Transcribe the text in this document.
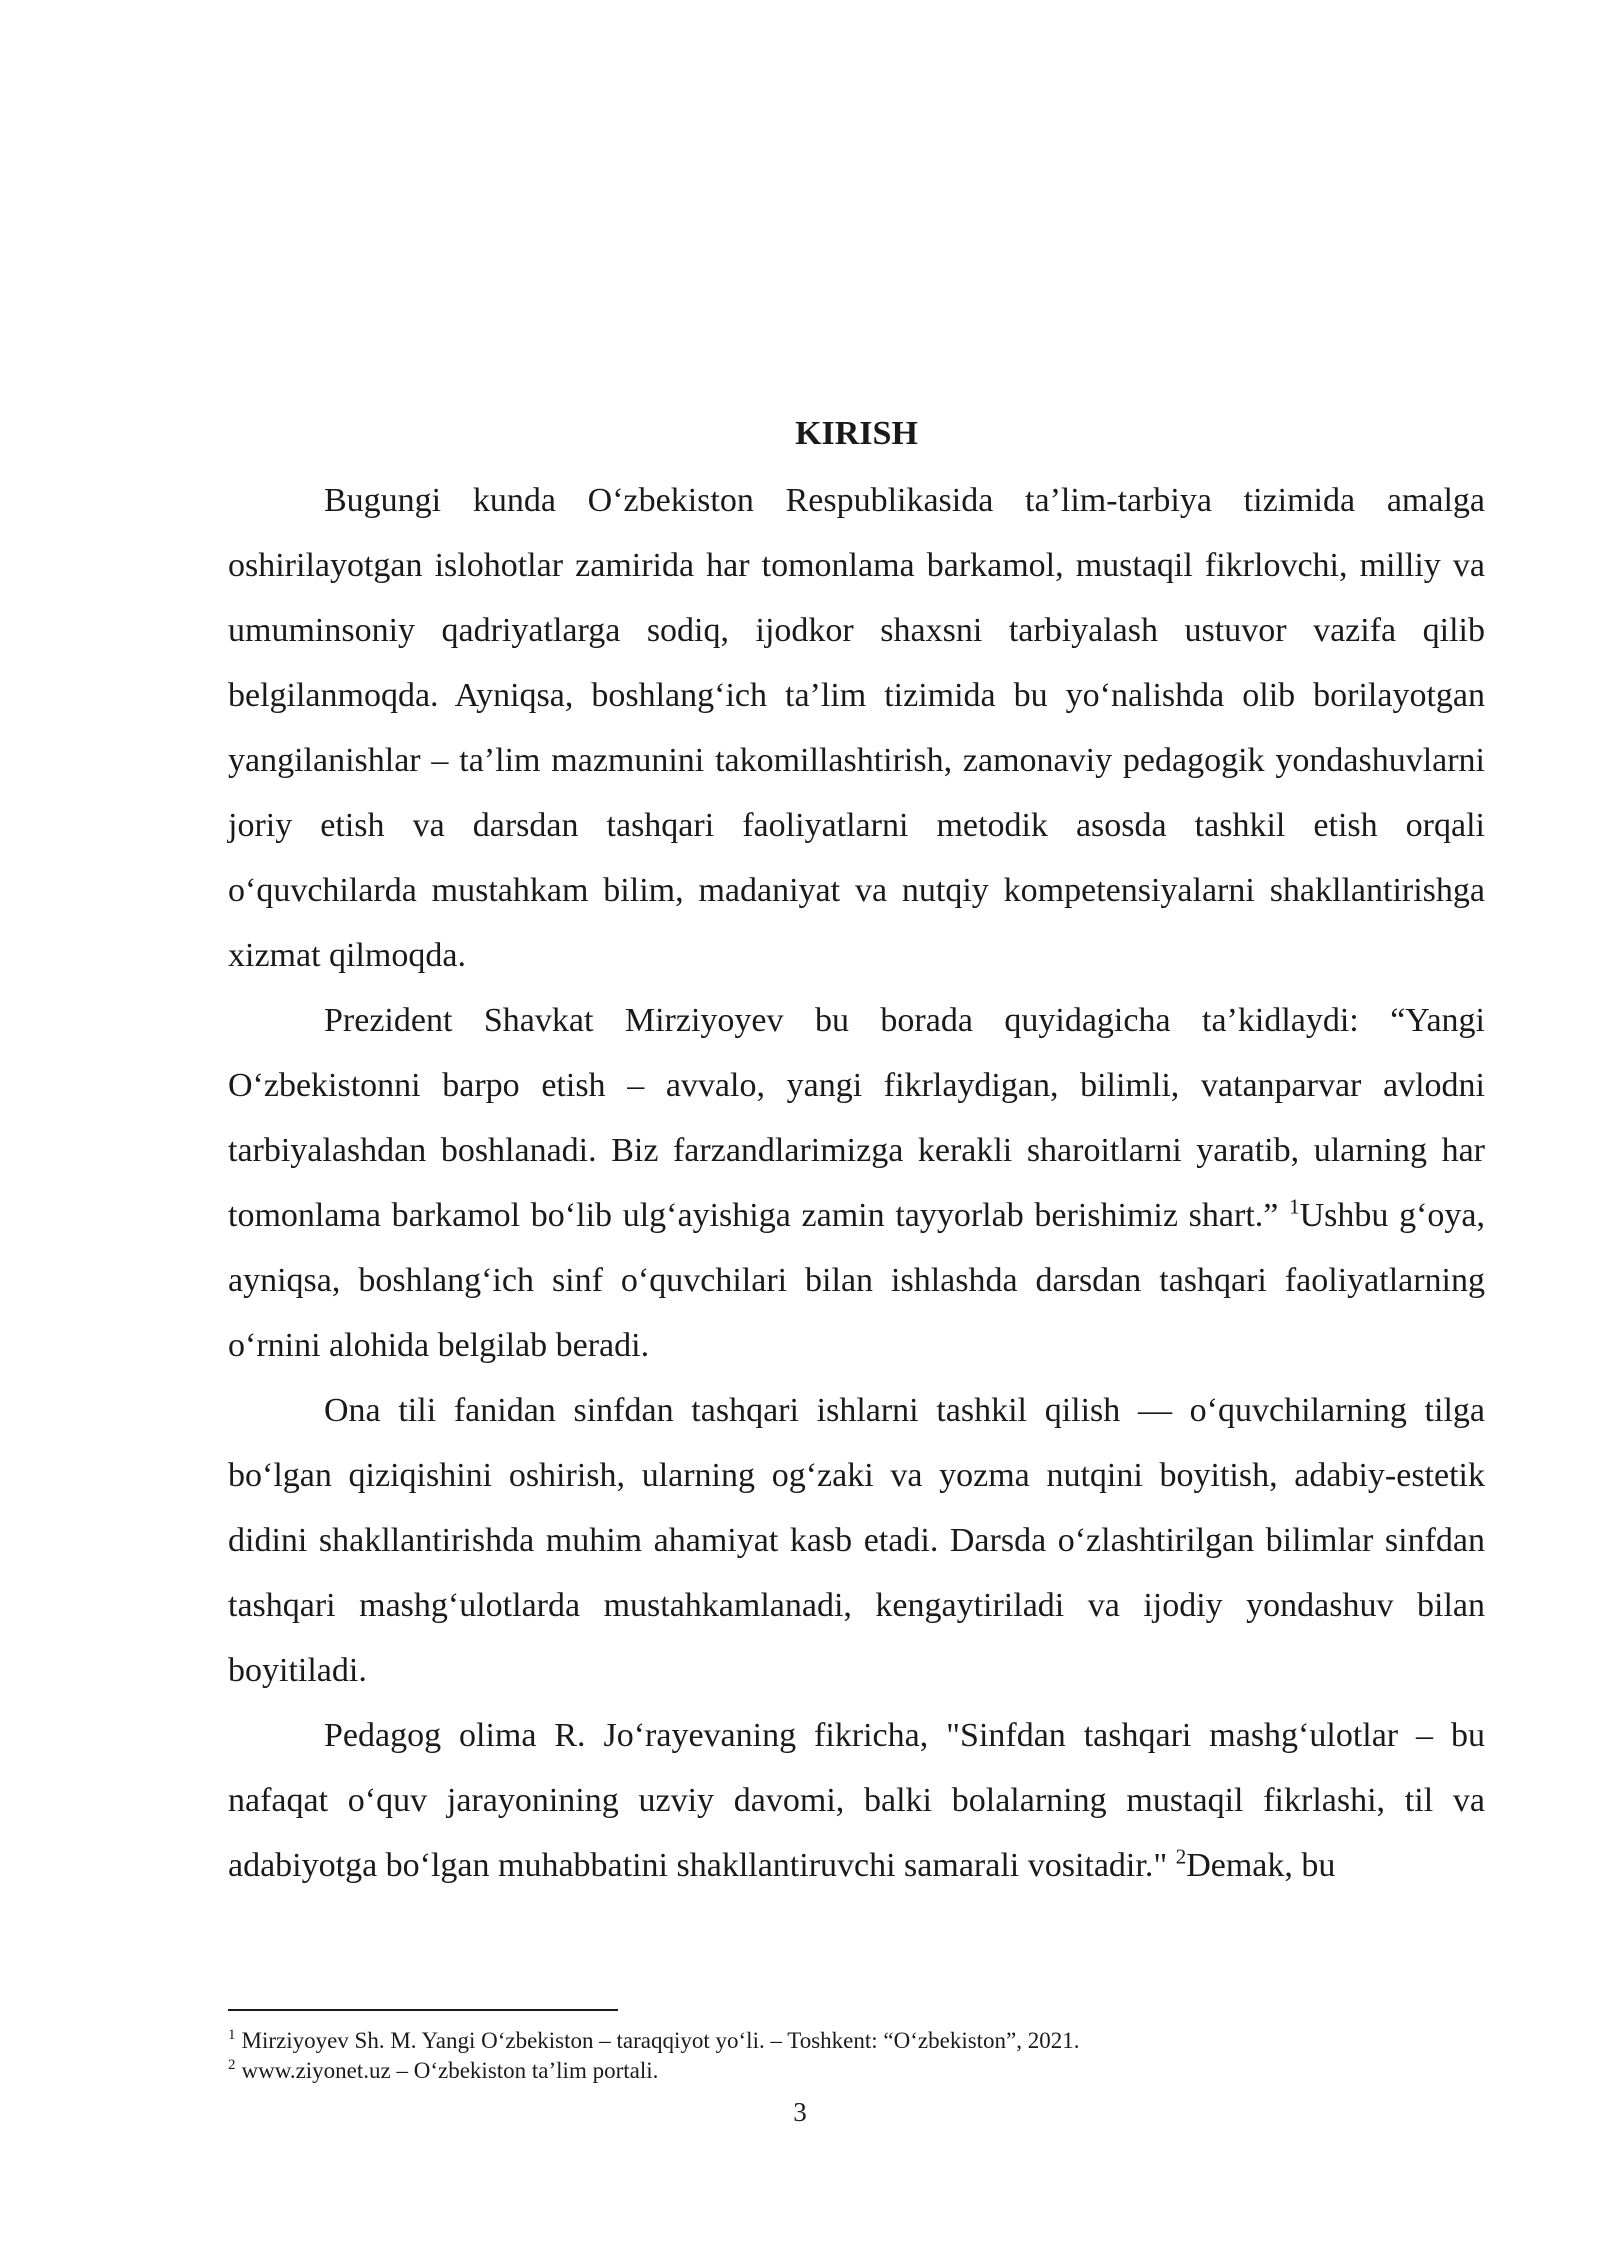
KIRISH

Bugungi kunda O‘zbekiston Respublikasida ta’lim-tarbiya tizimida amalga oshirilayotgan islohotlar zamirida har tomonlama barkamol, mustaqil fikrlovchi, milliy va umuminsoniy qadriyatlarga sodiq, ijodkor shaxsni tarbiyalash ustuvor vazifa qilib belgilanmoqda. Ayniqsa, boshlang‘ich ta’lim tizimida bu yo‘nalishda olib borilayotgan yangilanishlar – ta’lim mazmunini takomillashtirish, zamonaviy pedagogik yondashuvlarni joriy etish va darsdan tashqari faoliyatlarni metodik asosda tashkil etish orqali o‘quvchilarda mustahkam bilim, madaniyat va nutqiy kompetensiyalarni shakllantirishga xizmat qilmoqda.

Prezident Shavkat Mirziyoyev bu borada quyidagicha ta’kidlaydi: “Yangi O‘zbekistonni barpo etish – avvalo, yangi fikrlaydigan, bilimli, vatanparvar avlodni tarbiyalashdan boshlanadi. Biz farzandlarimizga kerakli sharoitlarni yaratib, ularning har tomonlama barkamol bo‘lib ulg‘ayishiga zamin tayyorlab berishimiz shart.” $^1$Ushbu g‘oya, ayniqsa, boshlang‘ich sinf o‘quvchilari bilan ishlashda darsdan tashqari faoliyatlarning o‘rnini alohida belgilab beradi.

Ona tili fanidan sinfdan tashqari ishlarni tashkil qilish — o‘quvchilarning tilga bo‘lgan qiziqishini oshirish, ularning og‘zaki va yozma nutqini boyitish, adabiy-estetik didini shakllantirishda muhim ahamiyat kasb etadi. Darsda o‘zlashtirilgan bilimlar sinfdan tashqari mashg‘ulotlarda mustahkamlanadi, kengaytiriladi va ijodiy yondashuv bilan boyitiladi.

Pedagog olima R. Jo‘rayevaning fikricha, "Sinfdan tashqari mashg‘ulotlar – bu nafaqat o‘quv jarayonining uzviy davomi, balki bolalarning mustaqil fikrlashi, til va adabiyotga bo‘lgan muhabbatini shakllantiruvchi samarali vositadir." $^2$Demak, bu

$^1$ Mirziyoyev Sh. M. Yangi O‘zbekiston – taraqqiyot yo‘li. – Toshkent: “O‘zbekiston”, 2021.

$^2$ www.ziyonet.uz – O‘zbekiston ta’lim portali.

3
